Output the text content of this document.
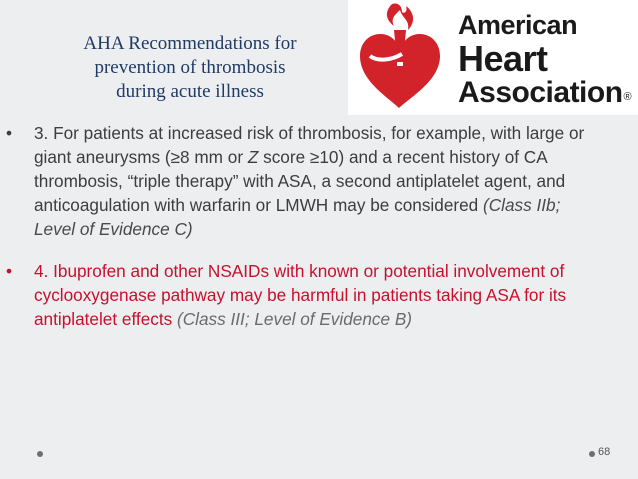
AHA Recommendations for
prevention of thrombosis
during acute illness
American
Heart
Association®
•	3. For patients at increased risk of thrombosis, for example, with large or giant aneurysms (≥8 mm or Z score ≥10) and a recent history of CA thrombosis, “triple therapy” with ASA, a second antiplatelet agent, and anticoagulation with warfarin or LMWH may be considered (Class IIb; Level of Evidence C)
•	4. Ibuprofen and other NSAIDs with known or potential involvement of cyclooxygenase pathway may be harmful in patients taking ASA for its antiplatelet effects (Class III; Level of Evidence B)
68
